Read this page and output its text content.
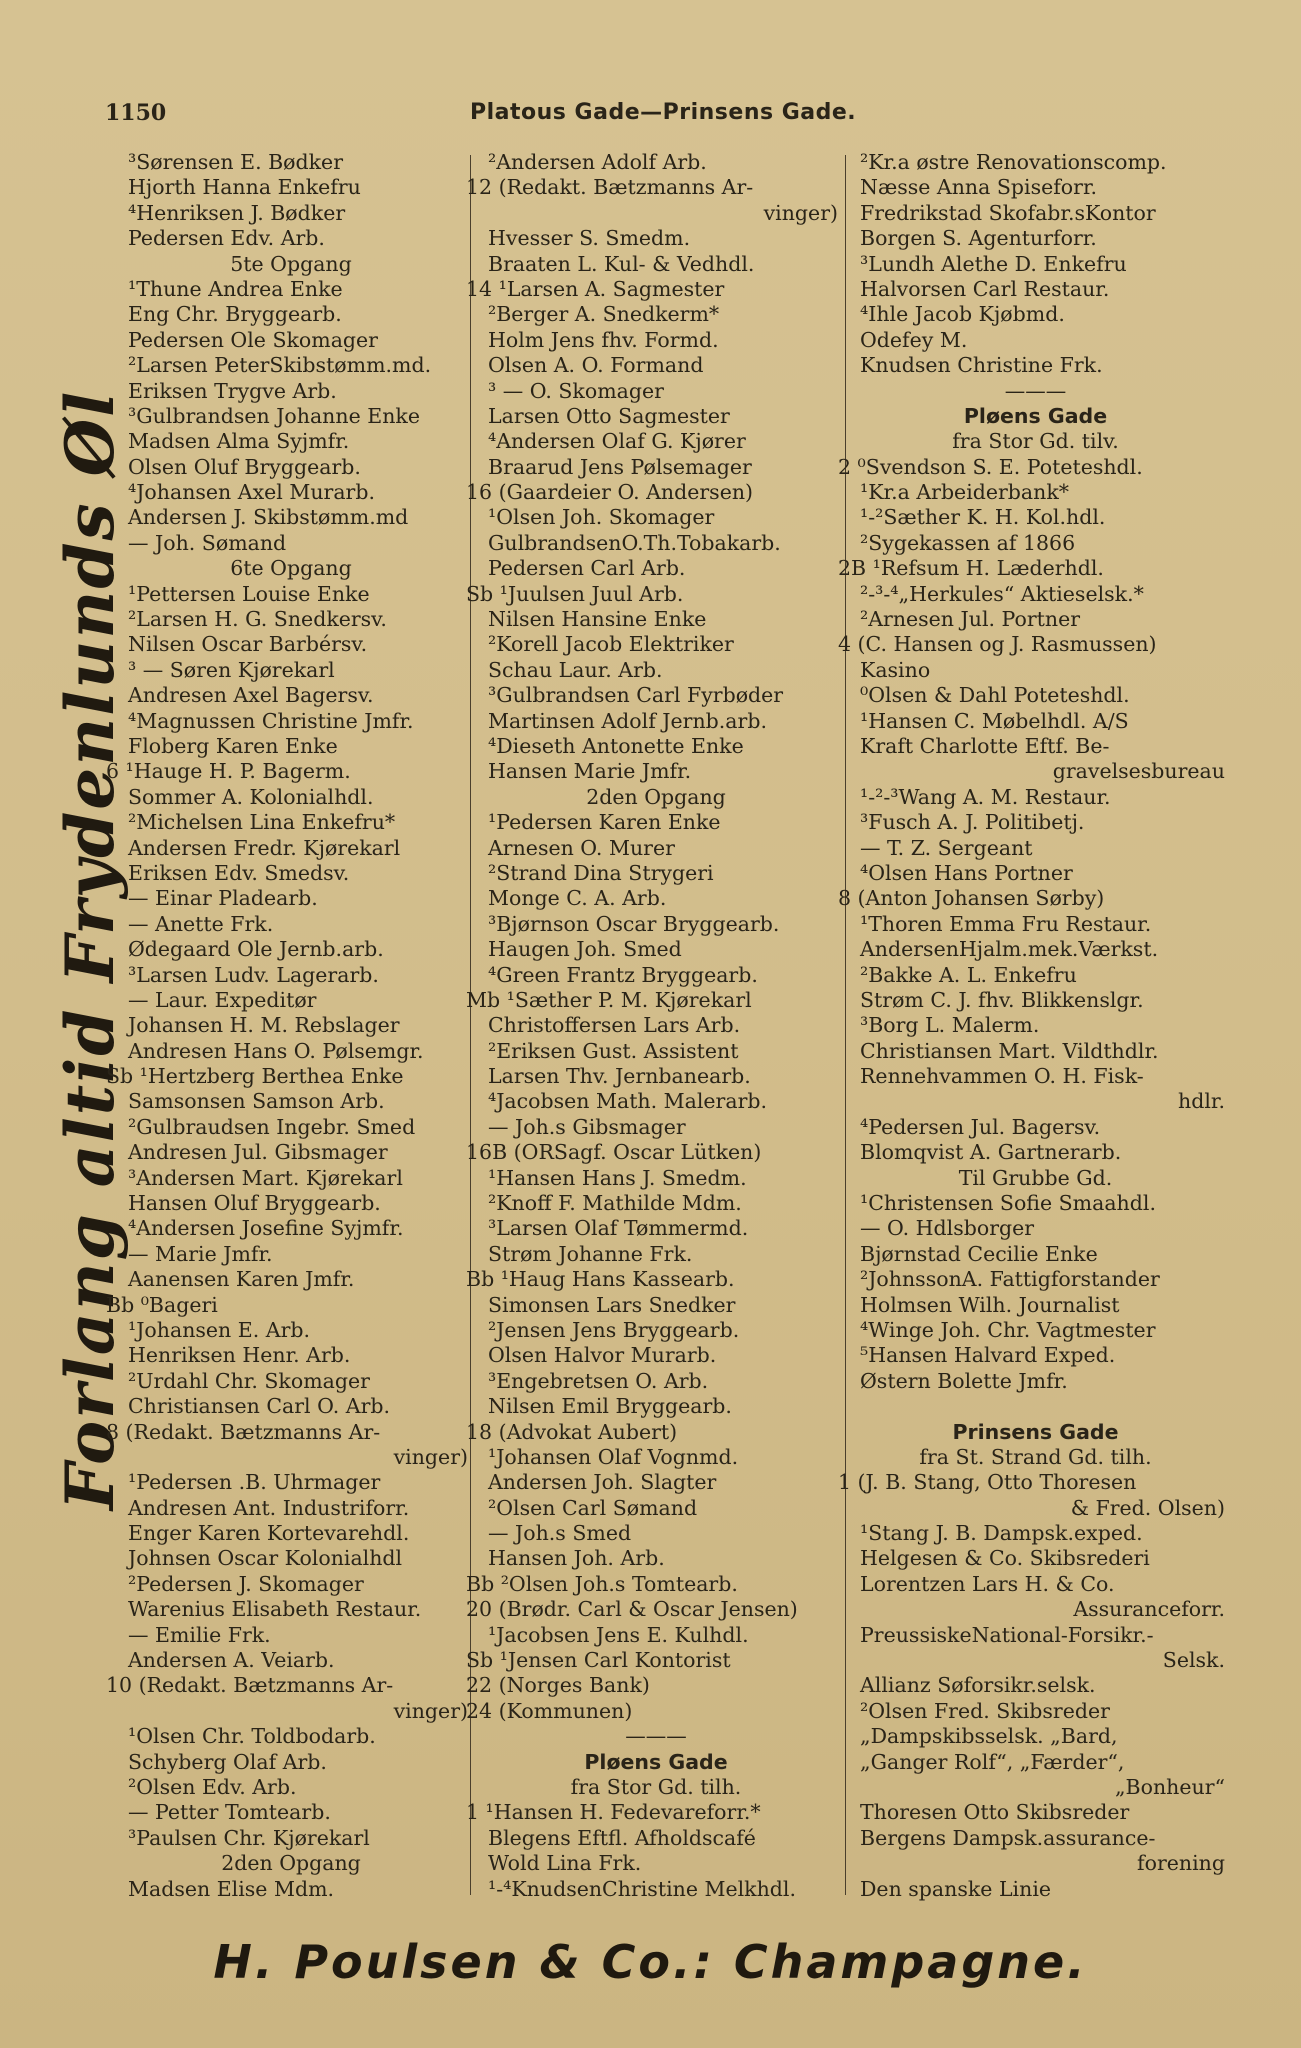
1150	Platous Gade—Prinsens Gade.
Forlang altid Frydenlunds Øl
³Sørensen E. Bødker
Hjorth Hanna Enkefru
⁴Henriksen J. Bødker
Pedersen Edv. Arb.
5te Opgang
¹Thune Andrea Enke
Eng Chr. Bryggearb.
Pedersen Ole Skomager
²Larsen PeterSkibstømm.md.
Eriksen Trygve Arb.
³Gulbrandsen Johanne Enke
Madsen Alma Syjmfr.
Olsen Oluf Bryggearb.
⁴Johansen Axel Murarb.
Andersen J. Skibstømm.md
— Joh. Sømand
6te Opgang
¹Pettersen Louise Enke
²Larsen H. G. Snedkersv.
Nilsen Oscar Barbérsv.
³ — Søren Kjørekarl
Andresen Axel Bagersv.
⁴Magnussen Christine Jmfr.
Floberg Karen Enke
6 ¹Hauge H. P. Bagerm.
Sommer A. Kolonialhdl.
²Michelsen Lina Enkefru*
Andersen Fredr. Kjørekarl
Eriksen Edv. Smedsv.
— Einar Pladearb.
— Anette Frk.
Ødegaard Ole Jernb.arb.
³Larsen Ludv. Lagerarb.
— Laur. Expeditør
Johansen H. M. Rebslager
Andresen Hans O. Pølsemgr.
Sb ¹Hertzberg Berthea Enke
Samsonsen Samson Arb.
²Gulbraudsen Ingebr. Smed
Andresen Jul. Gibsmager
³Andersen Mart. Kjørekarl
Hansen Oluf Bryggearb.
⁴Andersen Josefine Syjmfr.
— Marie Jmfr.
Aanensen Karen Jmfr.
Bb ⁰Bageri
¹Johansen E. Arb.
Henriksen Henr. Arb.
²Urdahl Chr. Skomager
Christiansen Carl O. Arb.
8 (Redakt. Bætzmanns Ar-
vinger)
¹Pedersen .B. Uhrmager
Andresen Ant. Industriforr.
Enger Karen Kortevarehdl.
Johnsen Oscar Kolonialhdl
²Pedersen J. Skomager
Warenius Elisabeth Restaur.
— Emilie Frk.
Andersen A. Veiarb.
10 (Redakt. Bætzmanns Ar-
vinger)
¹Olsen Chr. Toldbodarb.
Schyberg Olaf Arb.
²Olsen Edv. Arb.
— Petter Tomtearb.
³Paulsen Chr. Kjørekarl
2den Opgang
Madsen Elise Mdm.
²Andersen Adolf Arb.
12 (Redakt. Bætzmanns Ar-
vinger)
Hvesser S. Smedm.
Braaten L. Kul- & Vedhdl.
14 ¹Larsen A. Sagmester
²Berger A. Snedkerm*
Holm Jens fhv. Formd.
Olsen A. O. Formand
³ — O. Skomager
Larsen Otto Sagmester
⁴Andersen Olaf G. Kjører
Braarud Jens Pølsemager
16 (Gaardeier O. Andersen)
¹Olsen Joh. Skomager
GulbrandsenO.Th.Tobakarb.
Pedersen Carl Arb.
Sb ¹Juulsen Juul Arb.
Nilsen Hansine Enke
²Korell Jacob Elektriker
Schau Laur. Arb.
³Gulbrandsen Carl Fyrbøder
Martinsen Adolf Jernb.arb.
⁴Dieseth Antonette Enke
Hansen Marie Jmfr.
2den Opgang
¹Pedersen Karen Enke
Arnesen O. Murer
²Strand Dina Strygeri
Monge C. A. Arb.
³Bjørnson Oscar Bryggearb.
Haugen Joh. Smed
⁴Green Frantz Bryggearb.
Mb ¹Sæther P. M. Kjørekarl
Christoffersen Lars Arb.
²Eriksen Gust. Assistent
Larsen Thv. Jernbanearb.
⁴Jacobsen Math. Malerarb.
— Joh.s Gibsmager
16B (ORSagf. Oscar Lütken)
¹Hansen Hans J. Smedm.
²Knoff F. Mathilde Mdm.
³Larsen Olaf Tømmermd.
Strøm Johanne Frk.
Bb ¹Haug Hans Kassearb.
Simonsen Lars Snedker
²Jensen Jens Bryggearb.
Olsen Halvor Murarb.
³Engebretsen O. Arb.
Nilsen Emil Bryggearb.
18 (Advokat Aubert)
¹Johansen Olaf Vognmd.
Andersen Joh. Slagter
²Olsen Carl Sømand
— Joh.s Smed
Hansen Joh. Arb.
Bb ²Olsen Joh.s Tomtearb.
20 (Brødr. Carl & Oscar Jensen)
¹Jacobsen Jens E. Kulhdl.
Sb ¹Jensen Carl Kontorist
22 (Norges Bank)
24 (Kommunen)
———
Pløens Gade
fra Stor Gd. tilh.
1 ¹Hansen H. Fedevareforr.*
Blegens Eftfl. Afholdscafé
Wold Lina Frk.
¹-⁴KnudsenChristine Melkhdl.
²Kr.a østre Renovationscomp.
Næsse Anna Spiseforr.
Fredrikstad Skofabr.sKontor
Borgen S. Agenturforr.
³Lundh Alethe D. Enkefru
Halvorsen Carl Restaur.
⁴Ihle Jacob Kjøbmd.
Odefey M.
Knudsen Christine Frk.
———
Pløens Gade
fra Stor Gd. tilv.
2 ⁰Svendson S. E. Poteteshdl.
¹Kr.a Arbeiderbank*
¹-²Sæther K. H. Kol.hdl.
²Sygekassen af 1866
2B ¹Refsum H. Læderhdl.
²-³-⁴„Herkules“ Aktieselsk.*
²Arnesen Jul. Portner
4 (C. Hansen og J. Rasmussen)
Kasino
⁰Olsen & Dahl Poteteshdl.
¹Hansen C. Møbelhdl. A/S
Kraft Charlotte Eftf. Be-
gravelsesbureau
¹-²-³Wang A. M. Restaur.
³Fusch A. J. Politibetj.
— T. Z. Sergeant
⁴Olsen Hans Portner
8 (Anton Johansen Sørby)
¹Thoren Emma Fru Restaur.
AndersenHjalm.mek.Værkst.
²Bakke A. L. Enkefru
Strøm C. J. fhv. Blikkenslgr.
³Borg L. Malerm.
Christiansen Mart. Vildthdlr.
Rennehvammen O. H. Fisk-
hdlr.
⁴Pedersen Jul. Bagersv.
Blomqvist A. Gartnerarb.
Til Grubbe Gd.
¹Christensen Sofie Smaahdl.
— O. Hdlsborger
Bjørnstad Cecilie Enke
²JohnssonA. Fattigforstander
Holmsen Wilh. Journalist
⁴Winge Joh. Chr. Vagtmester
⁵Hansen Halvard Exped.
Østern Bolette Jmfr.
Prinsens Gade
fra St. Strand Gd. tilh.
1 (J. B. Stang, Otto Thoresen
& Fred. Olsen)
¹Stang J. B. Dampsk.exped.
Helgesen & Co. Skibsrederi
Lorentzen Lars H. & Co.
Assuranceforr.
PreussiskeNational-Forsikr.-
Selsk.
Allianz Søforsikr.selsk.
²Olsen Fred. Skibsreder
„Dampskibsselsk. „Bard,
„Ganger Rolf“, „Færder“,
„Bonheur“
Thoresen Otto Skibsreder
Bergens Dampsk.assurance-
forening
Den spanske Linie
H. Poulsen & Co.: Champagne.
